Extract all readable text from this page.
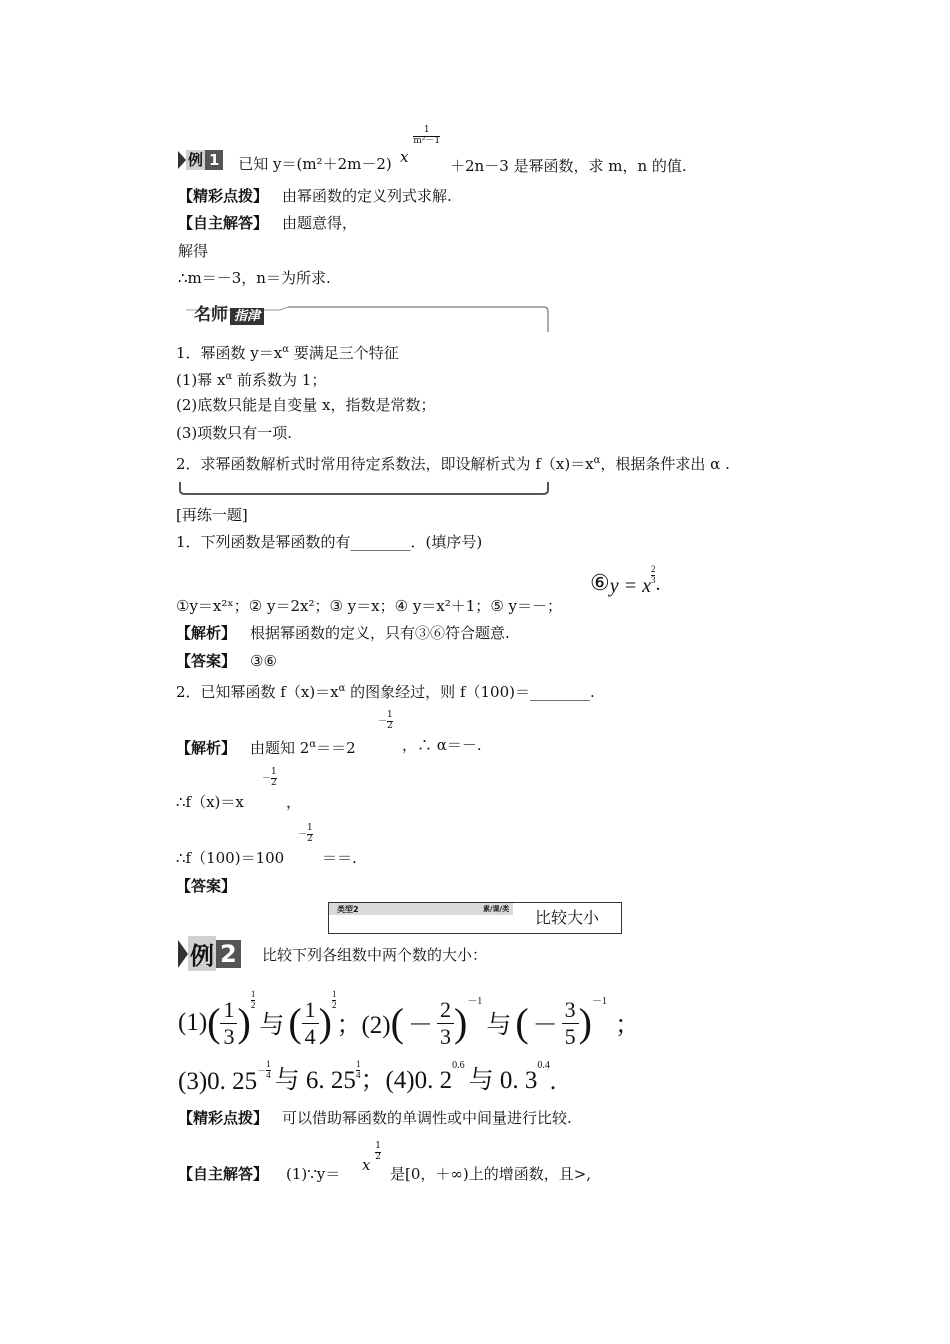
例 1 已知 y＝(m²＋2m－2) x
$\frac{1}{\text{m²－1}}$
＋2n－3 是幂函数，求 m，n 的值.
【精彩点拨】 由幂函数的定义列式求解.
【自主解答】 由题意得，
解得
∴m＝－3，n＝为所求.
名师 指津
1．幂函数 $y=x^\alpha$ 要满足三个特征
(1)幂 $x^\alpha$ 前系数为 1；
(2)底数只能是自变量 x，指数是常数；
(3)项数只有一项.
2．求幂函数解析式时常用待定系数法，即设解析式为 $f(x)=x^\alpha$，根据条件求出 α .
[再练一题]
1．下列函数是幂函数的有________．(填序号)
①y＝x²ˣ；② y＝2x²；③ y＝x；④ y＝x²＋1；⑤ y＝－；
⑥y = x $\frac{2}{3}$ .
【解析】 根据幂函数的定义，只有③⑥符合题意.
【答案】 ③⑥
2．已知幂函数 $f(x)=x^\alpha$ 的图象经过，则 f（100)＝________.
【解析】 由题知 $2^\alpha==2$
－ $\frac{1}{2}$
，∴ α＝－.
∴f（x)＝x
－ $\frac{1}{2}$
，
∴f（100)＝100
－ $\frac{1}{2}$
＝＝.
【答案】
类型2	素/课/类 比较大小
例 2 比较下列各组数中两个数的大小：
(1) ( 1
3 ) $\frac{1}{2}$
与 ( 1
4 ) $\frac{1}{2}$
；(2) ( －
2
3 ) －1
与 ( －
3
5 ) －1
；
(3)0. $25 - \frac{1}{4}$ 与 6. $25 \frac{1}{4}$ ；(4)0. 2
0.6
与 0. 3
0.4
.
【精彩点拨】 可以借助幂函数的单调性或中间量进行比较.
【自主解答】 (1)∵y＝ x
$\frac{1}{2}$
是[0，＋∞)上的增函数，且>,
